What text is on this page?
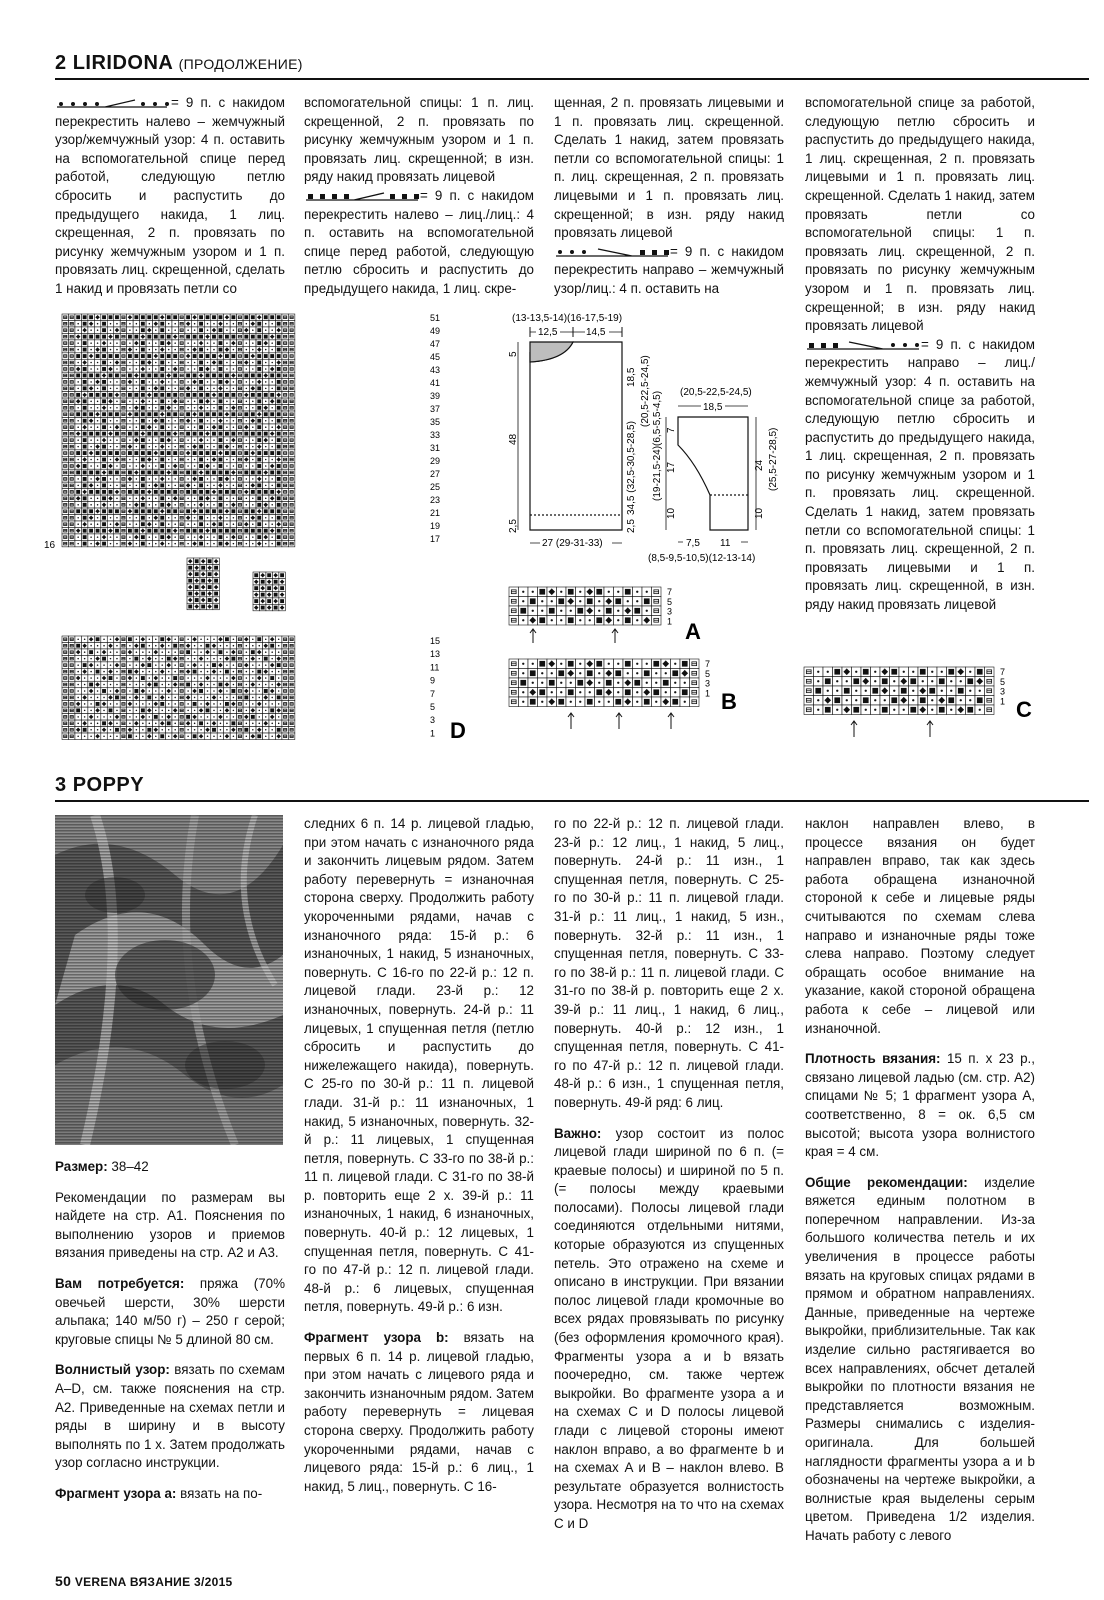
2 LIRIDONA (ПРОДОЛЖЕНИЕ)

= 9 п. с накидом перекрестить налево – жемчужный узор/жемчужный узор: 4 п. оставить на вспомогательной спице перед работой, следующую петлю сбросить и распустить до предыдущего накида, 1 лиц. скрещенная, 2 п. провязать по рисунку жемчужным узором и 1 п. провязать лиц. скрещенной, сделать 1 накид и провязать петли со

вспомогательной спицы: 1 п. лиц. скрещенной, 2 п. провязать по рисунку жемчужным узором и 1 п. провязать лиц. скрещенной; в изн. ряду накид провязать лицевой

= 9 п. с накидом перекрестить налево – лиц./лиц.: 4 п. оставить на вспомогательной спице перед работой, следующую петлю сбросить и распустить до предыдущего накида, 1 лиц. скре-

щенная, 2 п. провязать лицевыми и 1 п. провязать лиц. скрещенной. Сделать 1 накид, затем провязать петли со вспомогательной спицы: 1 п. лиц. скрещенная, 2 п. провязать лицевыми и 1 п. провязать лиц. скрещенной; в изн. ряду накид провязать лицевой

= 9 п. с накидом перекрестить направо – жемчужный узор/лиц.: 4 п. оставить на

вспомогательной спице за работой, следующую петлю сбросить и распустить до предыдущего накида, 1 лиц. скрещенная, 2 п. провязать лицевыми и 1 п. провязать лиц. скрещенной. Сделать 1 накид, затем провязать петли со вспомогательной спицы: 1 п. провязать лиц. скрещенной, 2 п. провязать по рисунку жемчужным узором и 1 п. провязать лиц. скрещенной; в изн. ряду накид провязать лицевой

= 9 п. с накидом перекрестить направо – лиц./жемчужный узор: 4 п. оставить на вспомогательной спице за работой, следующую петлю сбросить и распустить до предыдущего накида, 1 лиц. скрещенная, 2 п. провязать по рисунку жемчужным узором и 1 п. провязать лиц. скрещенной. Сделать 1 накид, затем провязать петли со вспомогательной спицы: 1 п. провязать лиц. скрещенной, 2 п. провязать лицевыми и 1 п. провязать лиц. скрещенной, в изн. ряду накид провязать лицевой

16
51
49
47
45
43
41
39
37
35
33
31
29
27
25
23
21
19
17
15
13
11
9
7
5
3
1 D
(13-13,5-14)(16-17,5-19)
12,5	14,5
5
48
2,5
18,5 (20,5-22,5-24,5)
34,5 (32,5-30,5-28,5)
2,5
27 (29-31-33)
(20,5-22,5-24,5)
18,5
(19-21,5-24)(6,5-5,5-4,5) 7
17
10
24 (25,5-27-28,5)
10
7,5 11
(8,5-9,5-10,5)(12-13-14)
7
5
3
1 A
7
5
3
1 B
7
5
3
1 C
3 POPPY

Размер: 38–42

Рекомендации по размерам вы найдете на стр. А1. Пояснения по выполнению узоров и приемов вязания приведены на стр. А2 и А3.

Вам потребуется: пряжа (70% овечьей шерсти, 30% шерсти альпака; 140 м/50 г) – 250 г серой; круговые спицы № 5 длиной 80 см.

Волнистый узор: вязать по схемам A–D, см. также пояснения на стр. А2. Приведенные на схемах петли и ряды в ширину и в высоту выполнять по 1 х. Затем продолжать узор согласно инструкции.

Фрагмент узора a: вязать на по-

следних 6 п. 14 р. лицевой гладью, при этом начать с изнаночного ряда и закончить лицевым рядом. Затем работу перевернуть = изнаночная сторона сверху. Продолжить работу укороченными рядами, начав с изнаночного ряда: 15-й р.: 6 изнаночных, 1 накид, 5 изнаночных, повернуть. С 16-го по 22-й р.: 12 п. лицевой глади. 23-й р.: 12 изнаночных, повернуть. 24-й р.: 11 лицевых, 1 спущенная петля (петлю сбросить и распустить до нижележащего накида), повернуть. С 25-го по 30-й р.: 11 п. лицевой глади. 31-й р.: 11 изнаночных, 1 накид, 5 изнаночных, повернуть. 32-й р.: 11 лицевых, 1 спущенная петля, повернуть. С 33-го по 38-й р.: 11 п. лицевой глади. С 31-го по 38-й р. повторить еще 2 х. 39-й р.: 11 изнаночных, 1 накид, 6 изнаночных, повернуть. 40-й р.: 12 лицевых, 1 спущенная петля, повернуть. С 41-го по 47-й р.: 12 п. лицевой глади. 48-й р.: 6 лицевых, спущенная петля, повернуть. 49-й р.: 6 изн.

Фрагмент узора b: вязать на первых 6 п. 14 р. лицевой гладью, при этом начать с лицевого ряда и закончить изнаночным рядом. Затем работу перевернуть = лицевая сторона сверху. Продолжить работу укороченными рядами, начав с лицевого ряда: 15-й р.: 6 лиц., 1 накид, 5 лиц., повернуть. С 16-

го по 22-й р.: 12 п. лицевой глади. 23-й р.: 12 лиц., 1 накид, 5 лиц., повернуть. 24-й р.: 11 изн., 1 спущенная петля, повернуть. С 25-го по 30-й р.: 11 п. лицевой глади. 31-й р.: 11 лиц., 1 накид, 5 изн., повернуть. 32-й р.: 11 изн., 1 спущенная петля, повернуть. С 33-го по 38-й р.: 11 п. лицевой глади. С 31-го по 38-й р. повторить еще 2 х. 39-й р.: 11 лиц., 1 накид, 6 лиц., повернуть. 40-й р.: 12 изн., 1 спущенная петля, повернуть. С 41-го по 47-й р.: 12 п. лицевой глади. 48-й р.: 6 изн., 1 спущенная петля, повернуть. 49-й ряд: 6 лиц.

Важно: узор состоит из полос лицевой глади шириной по 6 п. (= краевые полосы) и шириной по 5 п. (= полосы между краевыми полосами). Полосы лицевой глади соединяются отдельными нитями, которые образуются из спущенных петель. Это отражено на схеме и описано в инструкции. При вязании полос лицевой глади кромочные во всех рядах провязывать по рисунку (без оформления кромочного края). Фрагменты узора a и b вязать поочередно, см. также чертеж выкройки. Во фрагменте узора a и на схемах C и D полосы лицевой глади с лицевой стороны имеют наклон вправо, а во фрагменте b и на схемах A и B – наклон влево. В результате образуется волнистость узора. Несмотря на то что на схемах C и D

наклон направлен влево, в процессе вязания он будет направлен вправо, так как здесь работа обращена изнаночной стороной к себе и лицевые ряды считываются по схемам слева направо и изнаночные ряды тоже слева направо. Поэтому следует обращать особое внимание на указание, какой стороной обращена работа к себе – лицевой или изнаночной.

Плотность вязания: 15 п. х 23 р., связано лицевой ладью (см. стр. А2) спицами № 5; 1 фрагмент узора А, соответственно, 8 = ок. 6,5 см высотой; высота узора волнистого края = 4 см.

Общие рекомендации: изделие вяжется единым полотном в поперечном направлении. Из-за большого количества петель и их увеличения в процессе работы вязать на круговых спицах рядами в прямом и обратном направлениях. Данные, приведенные на чертеже выкройки, приблизительные. Так как изделие сильно растягивается во всех направлениях, обсчет деталей выкройки по плотности вязания не представляется возможным. Размеры снимались с изделия-оригинала. Для большей наглядности фрагменты узора a и b обозначены на чертеже выкройки, а волнистые края выделены серым цветом. Приведена 1/2 изделия. Начать работу с левого

50 VERENA ВЯЗАНИЕ 3/2015
